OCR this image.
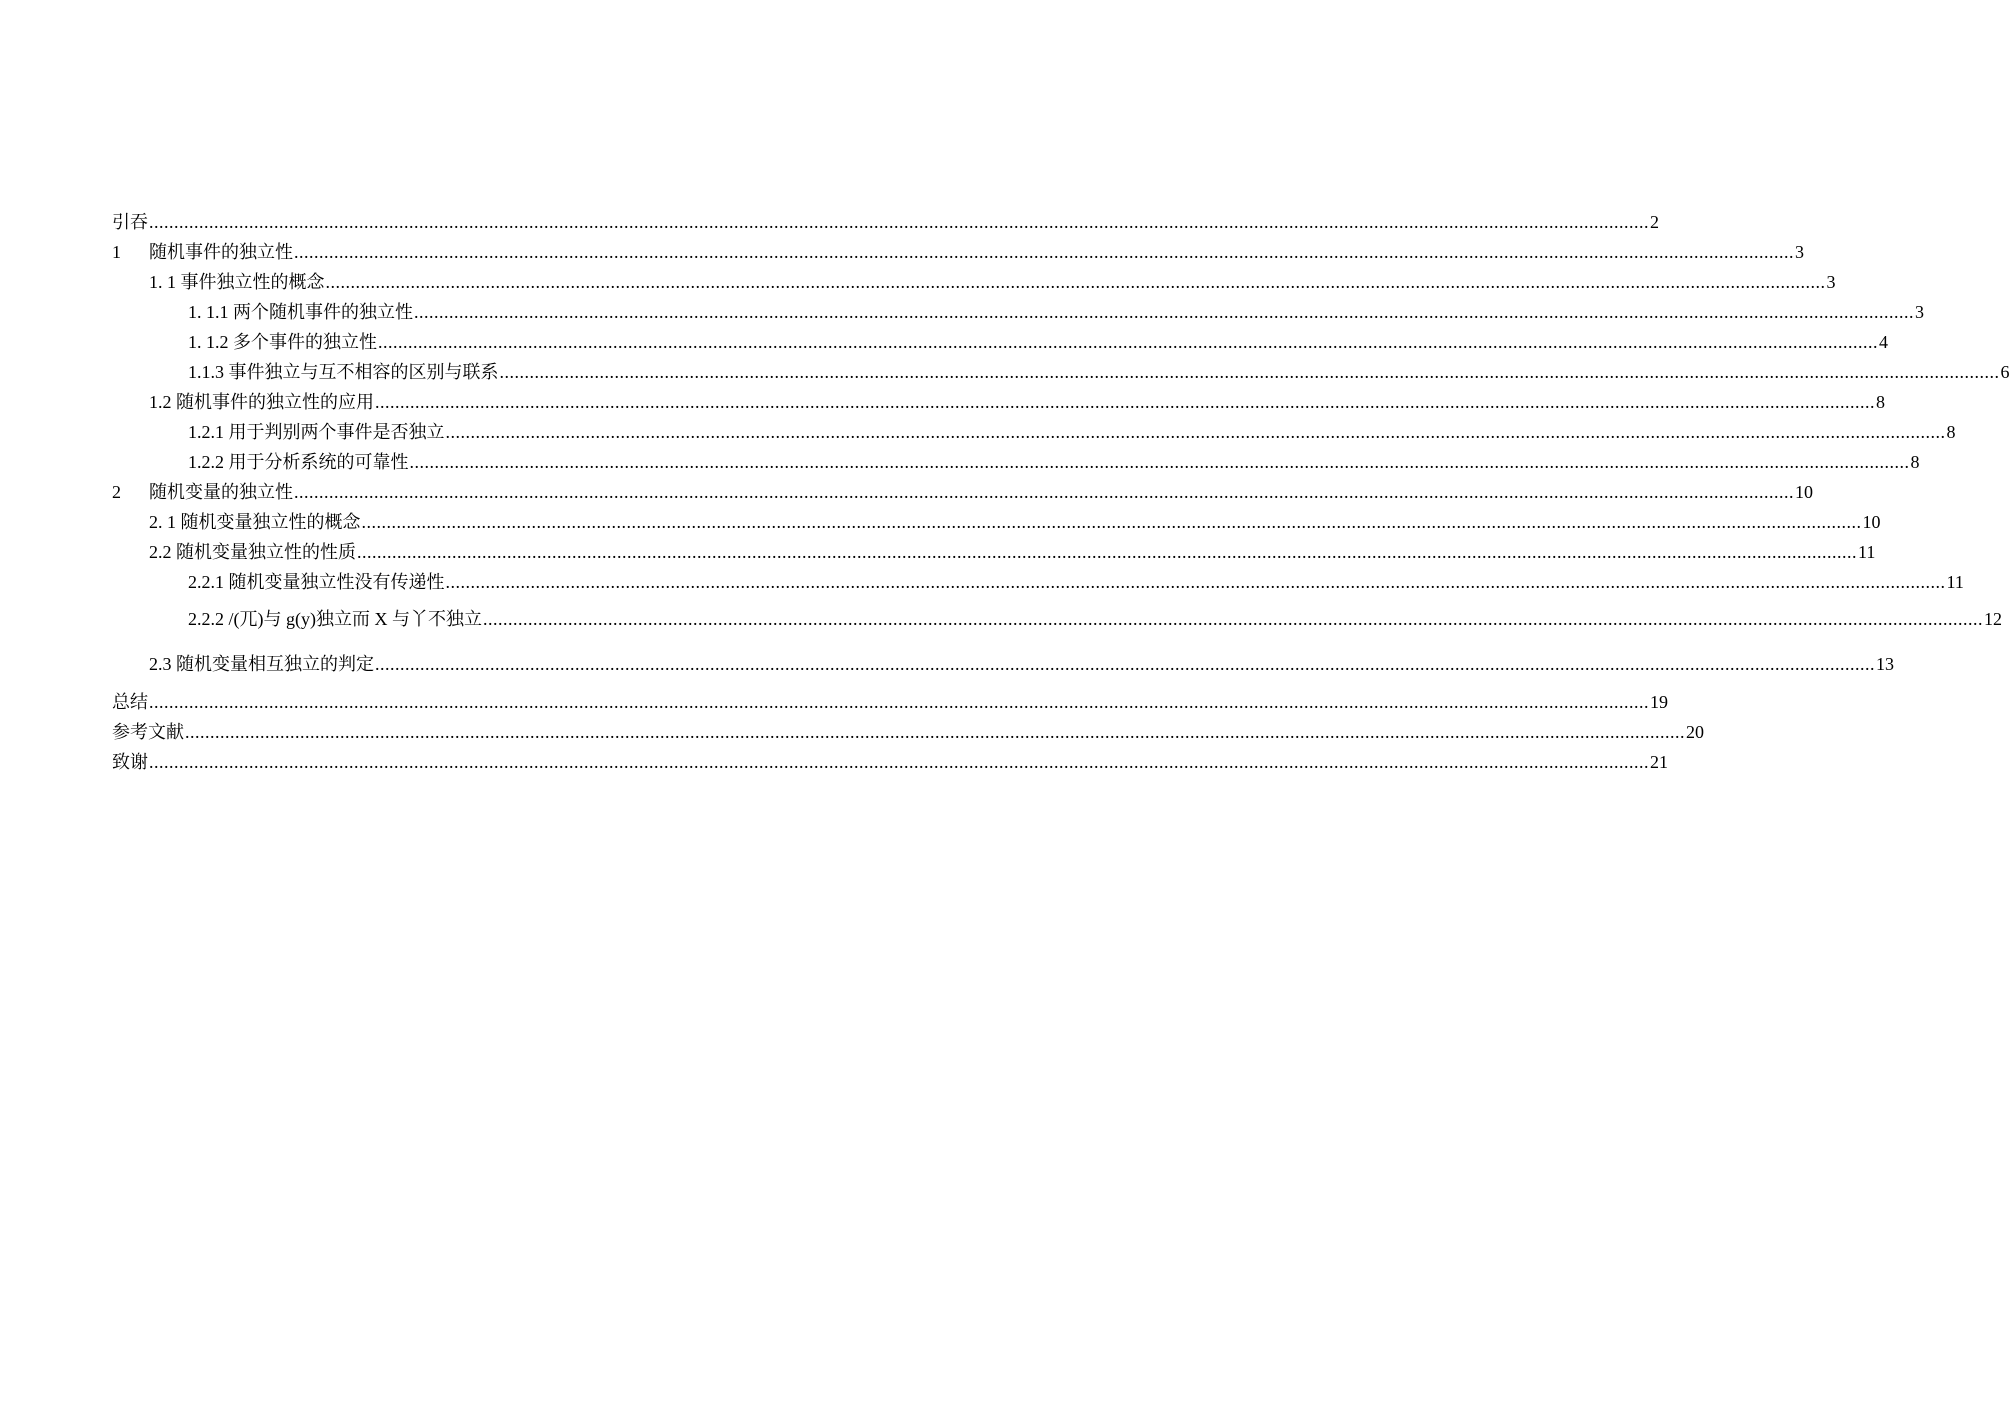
引吞 ............................................................................................................................................................................................................................................................................................................ 2
1	随机事件的独立性 ............................................................................................................................................................................................................................................................................................................ 3
1. 1 事件独立性的概念 ............................................................................................................................................................................................................................................................................................................ 3
1. 1.1 两个随机事件的独立性 ............................................................................................................................................................................................................................................................................................................ 3
1. 1.2 多个事件的独立性 ............................................................................................................................................................................................................................................................................................................ 4
1.1.3 事件独立与互不相容的区别与联系 ............................................................................................................................................................................................................................................................................................................ 6
1.2 随机事件的独立性的应用 ............................................................................................................................................................................................................................................................................................................ 8
1.2.1 用于判别两个事件是否独立 ............................................................................................................................................................................................................................................................................................................ 8
1.2.2 用于分析系统的可靠性 ............................................................................................................................................................................................................................................................................................................ 8
2	随机变量的独立性 ............................................................................................................................................................................................................................................................................................................ 10
2. 1 随机变量独立性的概念 ............................................................................................................................................................................................................................................................................................................ 10
2.2 随机变量独立性的性质 ............................................................................................................................................................................................................................................................................................................ 11
2.2.1 随机变量独立性没有传递性 ............................................................................................................................................................................................................................................................................................................ 11
2.2.2 /(兀)与 g(y)独立而 X 与丫不独立 ............................................................................................................................................................................................................................................................................................................ 12
2.3 随机变量相互独立的判定 ............................................................................................................................................................................................................................................................................................................ 13
总结 ............................................................................................................................................................................................................................................................................................................ 19
参考文献 ............................................................................................................................................................................................................................................................................................................ 20
致谢 ............................................................................................................................................................................................................................................................................................................ 21
